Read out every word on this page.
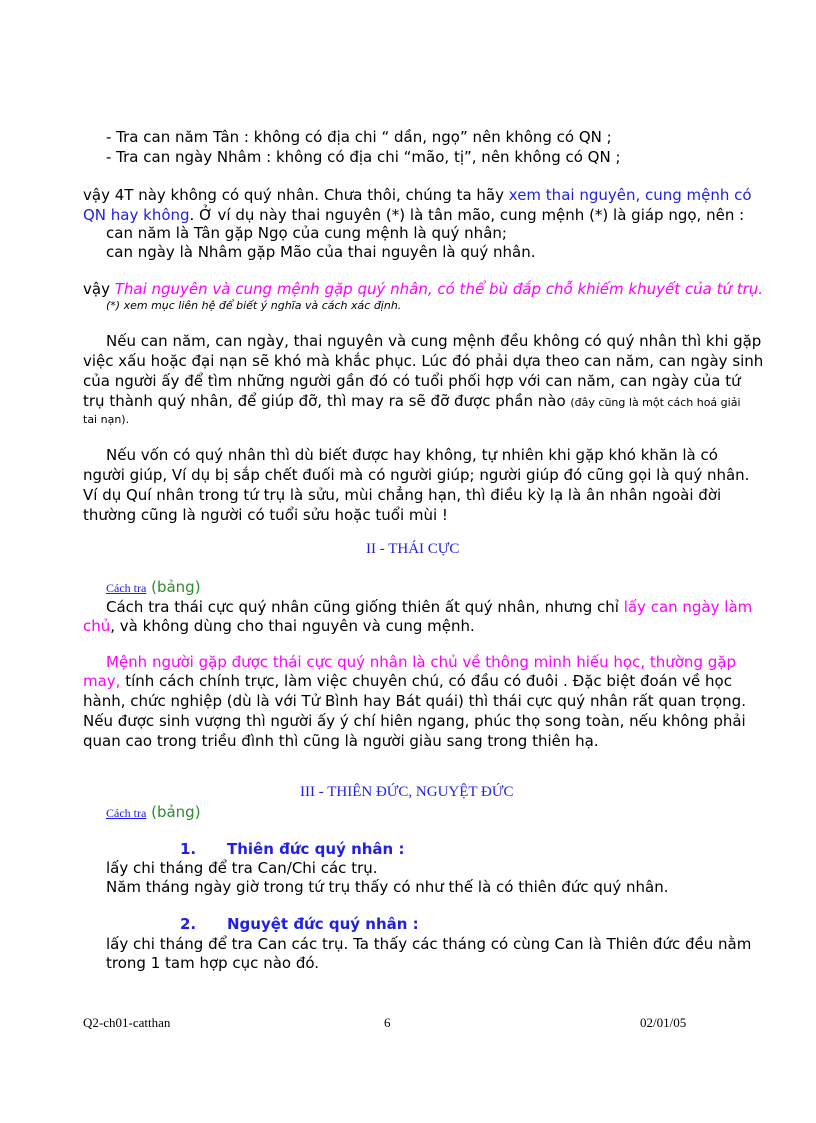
- Tra can năm Tân : không có địa chi “ dần, ngọ” nên không có QN ;
- Tra can ngày Nhâm : không có địa chi “mão, tị”, nên không có QN ;
vậy 4T này không có quý nhân. Chưa thôi, chúng ta hãy xem thai nguyên, cung mệnh có
QN hay không. Ở ví dụ này thai nguyên (*) là tân mão, cung mệnh (*) là giáp ngọ, nên :
can năm là Tân gặp Ngọ của cung mệnh là quý nhân;
can ngày là Nhâm gặp Mão của thai nguyên là quý nhân.
vậy Thai nguyên và cung mệnh gặp quý nhân, có thể bù đắp chỗ khiếm khuyết của tứ trụ.
(*) xem mục liên hệ để biết ý nghĩa và cách xác định.
Nếu can năm, can ngày, thai nguyên và cung mệnh đều không có quý nhân thì khi gặp
việc xấu hoặc đại nạn sẽ khó mà khắc phục. Lúc đó phải dựa theo can năm, can ngày sinh
của người ấy để tìm những người gần đó có tuổi phối hợp với can năm, can ngày của tứ
trụ thành quý nhân, để giúp đỡ, thì may ra sẽ đỡ được phần nào (đây cũng là một cách hoá giải
tai nạn).
Nếu vốn có quý nhân thì dù biết được hay không, tự nhiên khi gặp khó khăn là có
người giúp, Ví dụ bị sắp chết đuối mà có người giúp; người giúp đó cũng gọi là quý nhân.
Ví dụ Quí nhân trong tứ trụ là sửu, mùi chẳng hạn, thì điều kỳ lạ là ân nhân ngoài đời
thường cũng là người có tuổi sửu hoặc tuổi mùi !
II - THÁI CỰC
Cách tra (bảng)
Cách tra thái cực quý nhân cũng giống thiên ất quý nhân, nhưng chỉ lấy can ngày làm
chủ, và không dùng cho thai nguyên và cung mệnh.
Mệnh người gặp được thái cực quý nhân là chủ về thông minh hiếu học, thường gặp
may, tính cách chính trực, làm việc chuyên chú, có đầu có đuôi . Đặc biệt đoán về học
hành, chức nghiệp (dù là với Tử Bình hay Bát quái) thì thái cực quý nhân rất quan trọng.
Nếu được sinh vượng thì người ấy ý chí hiên ngang, phúc thọ song toàn, nếu không phải
quan cao trong triều đình thì cũng là người giàu sang trong thiên hạ.
III - THIÊN ĐỨC, NGUYỆT ĐỨC
Cách tra (bảng)
1. Thiên đức quý nhân :
lấy chi tháng để tra Can/Chi các trụ.
Năm tháng ngày giờ trong tứ trụ thấy có như thế là có thiên đức quý nhân.
2. Nguyệt đức quý nhân :
lấy chi tháng để tra Can các trụ. Ta thấy các tháng có cùng Can là Thiên đức đều nằm
trong 1 tam hợp cục nào đó.
Q2-ch01-catthan	6	02/01/05
